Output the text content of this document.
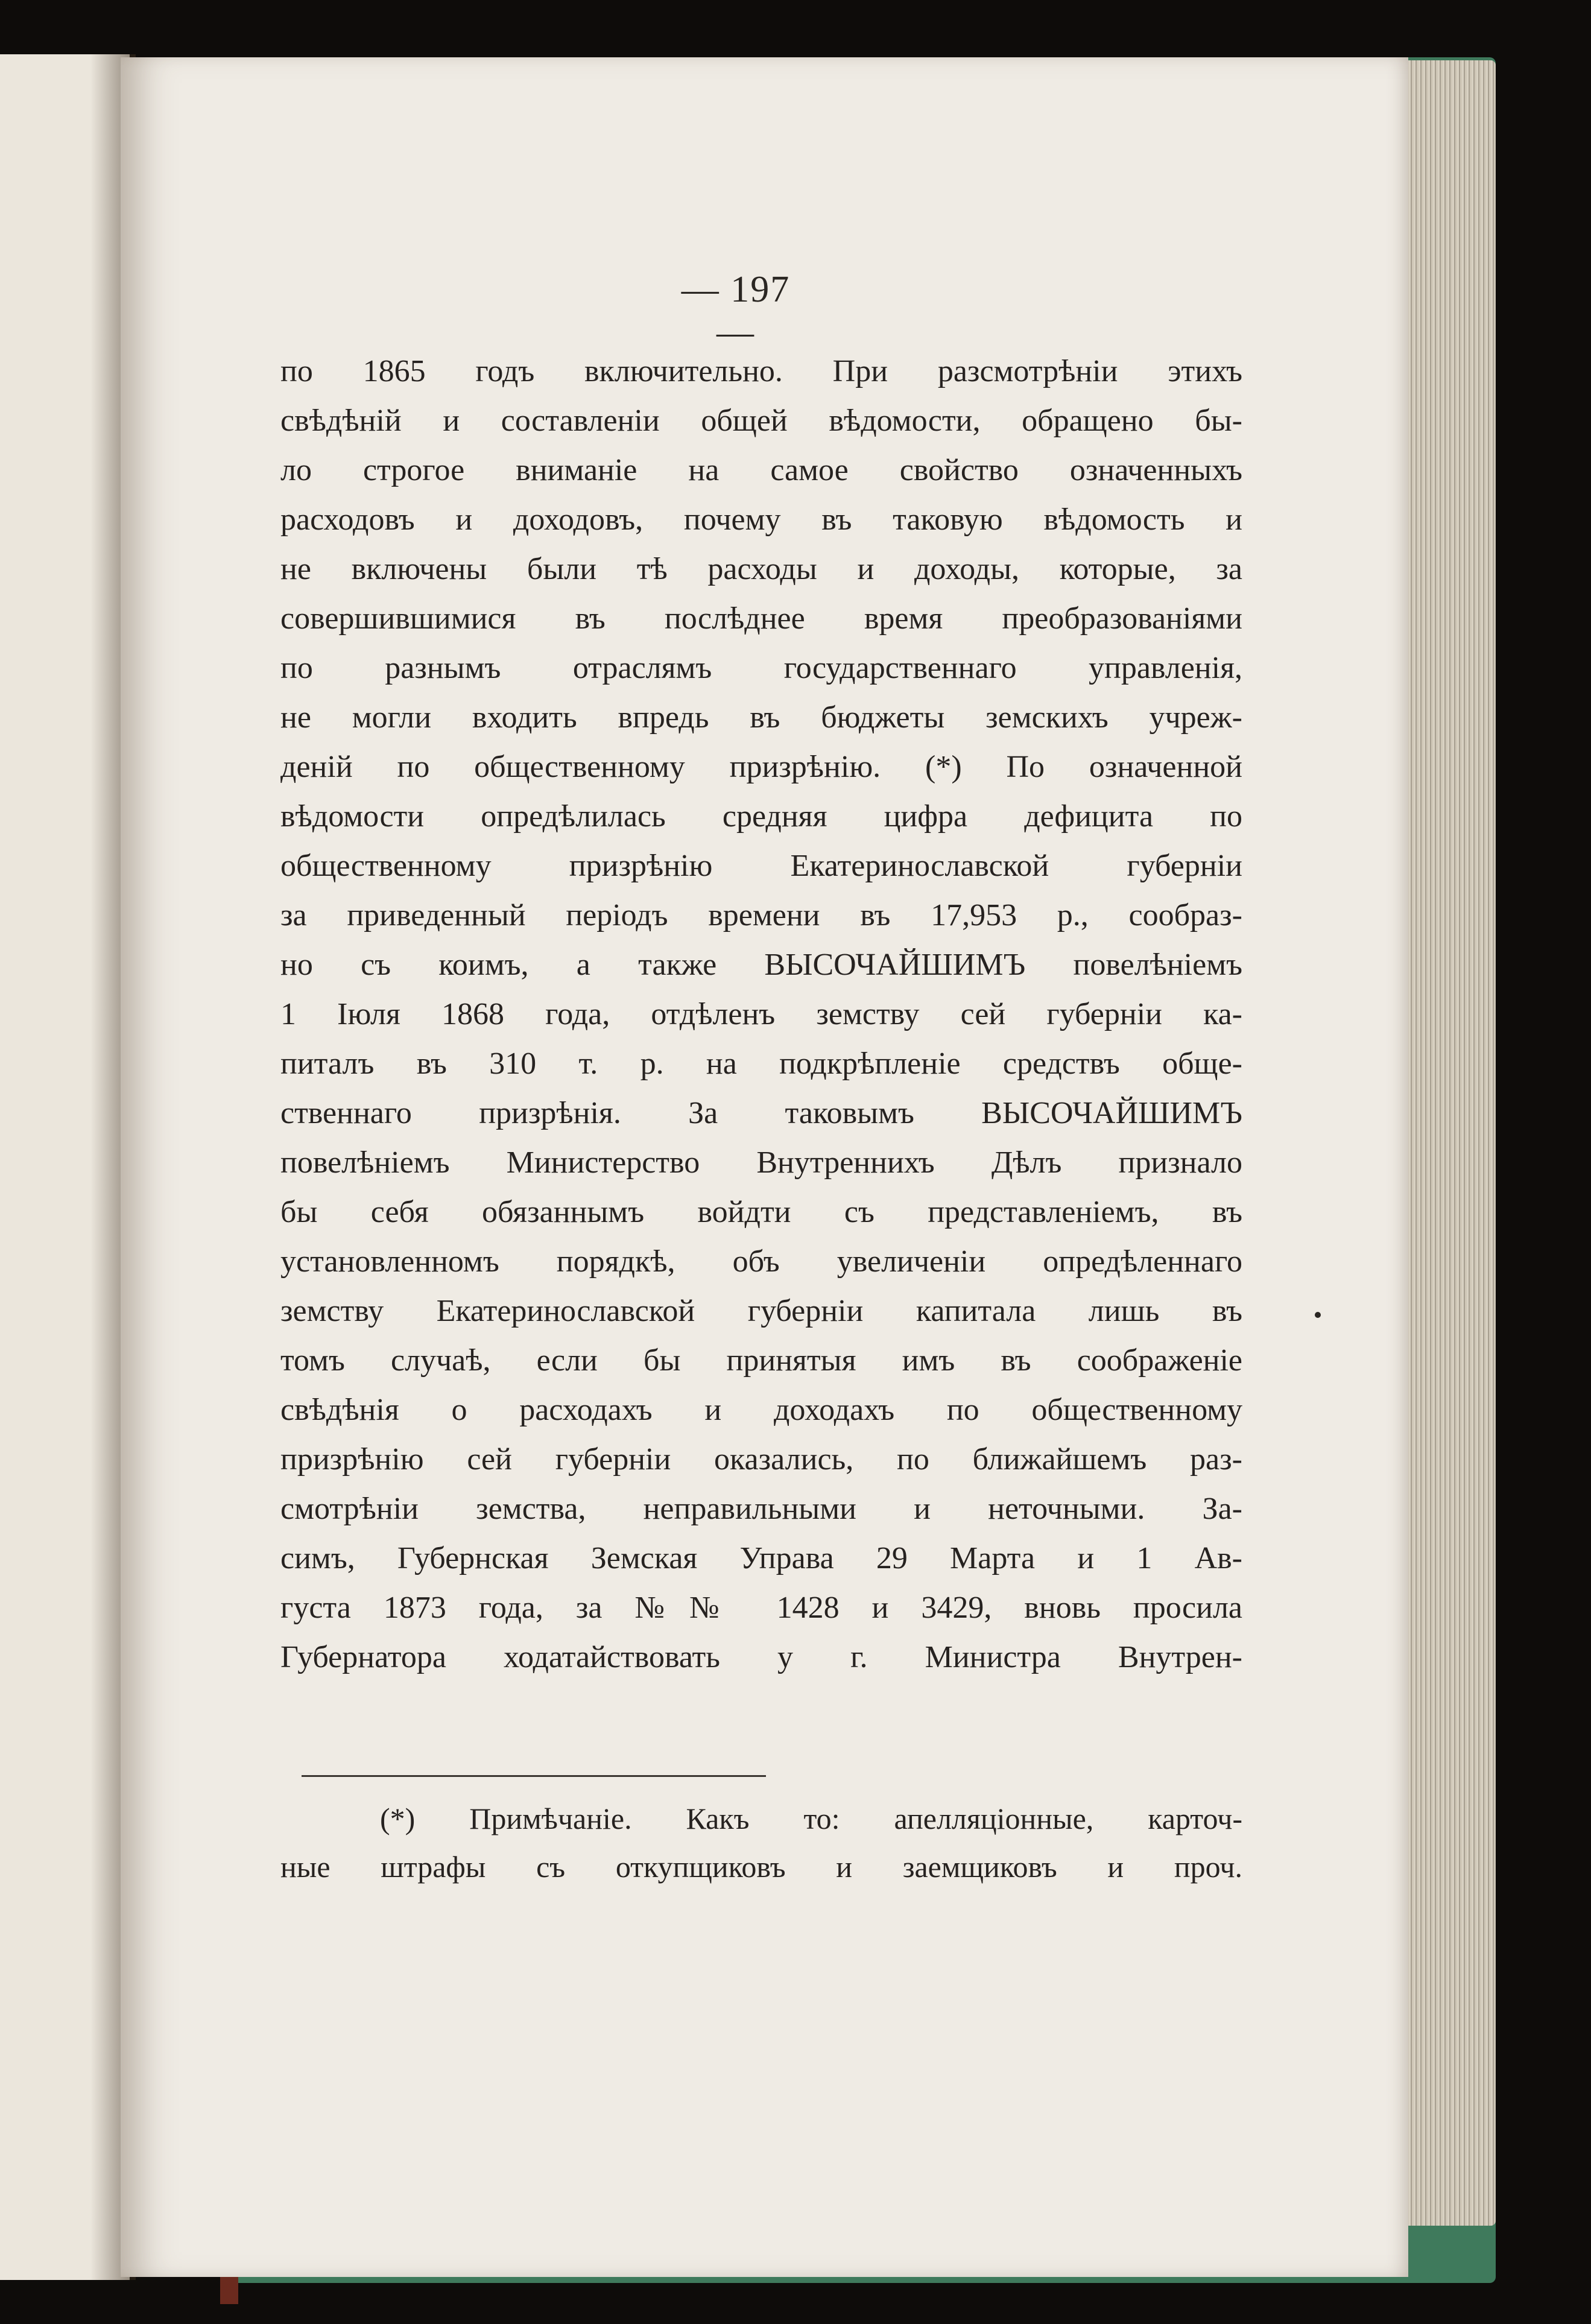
— 197 —
по 1865 годъ включительно. При разсмотрѣніи этихъ
свѣдѣній и составленіи общей вѣдомости, обращено бы-
ло строгое вниманіе на самое свойство означенныхъ
расходовъ и доходовъ, почему въ таковую вѣдомость и
не включены были тѣ расходы и доходы, которые, за
совершившимися въ послѣднее время преобразованіями
по разнымъ отраслямъ государственнаго управленія,
не могли входить впредь въ бюджеты земскихъ учреж-
деній по общественному призрѣнію. (*) По означенной
вѣдомости опредѣлилась средняя цифра дефицита по
общественному призрѣнію Екатеринославской губерніи
за приведенный періодъ времени въ 17,953 р., сообраз-
но съ коимъ, а также ВЫСОЧАЙШИМЪ повелѣніемъ
1 Іюля 1868 года, отдѣленъ земству сей губерніи ка-
питалъ въ 310 т. р. на подкрѣпленіе средствъ обще-
ственнаго призрѣнія. За таковымъ ВЫСОЧАЙШИМЪ
повелѣніемъ Министерство Внутреннихъ Дѣлъ признало
бы себя обязаннымъ войдти съ представленіемъ, въ
установленномъ порядкѣ, объ увеличеніи опредѣленнаго
земству Екатеринославской губерніи капитала лишь въ
томъ случаѣ, если бы принятыя имъ въ соображеніе
свѣдѣнія о расходахъ и доходахъ по общественному
призрѣнію сей губерніи оказались, по ближайшемъ раз-
смотрѣніи земства, неправильными и неточными. За-
симъ, Губернская Земская Управа 29 Марта и 1 Ав-
густа 1873 года, за №№ 1428 и 3429, вновь просила
Губернатора ходатайствовать у г. Министра Внутрен-
(*) Примѣчаніе. Какъ то: апелляціонные, карточ-
ные штрафы съ откупщиковъ и заемщиковъ и проч.
